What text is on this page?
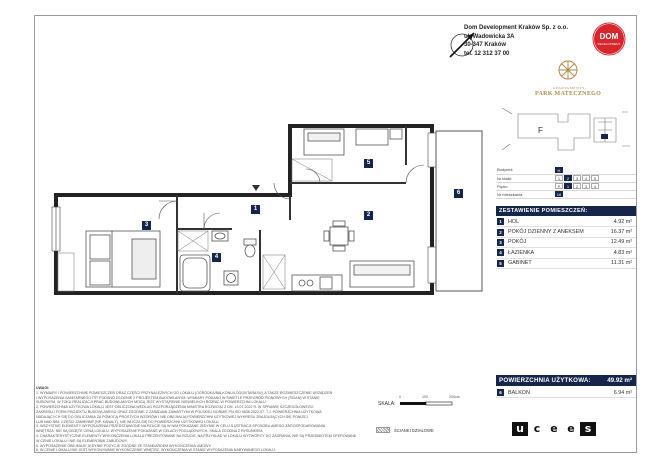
1
2
3
4
5
6
Dom Development Kraków Sp. z o.o.
ul. Wadowicka 3A
30-347 Kraków
tel. 12 312 37 00
DOM
DEVELOPMENT
APARTAMENTY
PARK MATECZNEGO
F
Budynek	H

Nr klatki	1 2 3 4 5

Piętro	P 1 2 3 4

Nr mieszkania	16
ZESTAWIENIE POMIESZCZEŃ:
1	HOL	4.92 m²
2	POKÓJ DZIENNY Z ANEKSEM	16.37 m²
3	POKÓJ	12.49 m²
4	ŁAZIENKA	4.83 m²
5	GABINET	11.31 m²
POWIERZCHNIA UŻYTKOWA:	49.92 m²
6	BALKON	6.94 m²
UWAGI:
1. WYMIARY I POWIERZCHNIE POMIESZCZEŃ ORAZ CZĘŚCI PRZYNALEŻNYCH DO LOKALU (OGRÓDKA/BALKONU/LOGGII/TARASU), A TAKŻE ROZMIESZCZENIE URZĄDZEŃ
I WYPOSAŻENIA SANITARNEGO ITP. PODANO ZGODNIE Z PROJEKTEM BUDOWLANYM. WYMIARY PODANO W ŚWIETLE PRZEGRÓD PIONOWYCH (ŚCIAN) W STANIE
SUROWYM, W TOKU REALIZACJI PRAC BUDOWLANYCH MOGĄ JEST WYSTĄPIENIE NIEWIELKICH RÓŻNIC W POWIERZCHNI LOKALU.
2. POWIERZCHNIA UŻYTKOWA LOKALU JEST OBLICZONA WEDŁUG ROZPORZĄDZENIA MINISTRA ROZWOJU Z DN. 13.07.2022 R. W SPRAWIE SZCZEGÓŁOWEGO
ZAKRESU I FORM PROJEKTU BUDOWLANEGO ORAZ ZGODNIE Z ZASADAMI ZAWARTYMI W POLSKIEJ NORMIE PN-ISO 9836:2022-07. T.J. POWIERZCHNIA UŻYTKOWA
NADAJĄCYCH SIĘ DO OBLICZANIA ZA POMOCĄ PROSTYCH WZORÓW I NIE OBEJMUJĄ POWIERZCHNI UŻYTKOWEJ WYKRESU ZNAJDUJĄCYCH SIĘ PONIŻEJ
LUB NAD NIM. CZĘŚCI ZAMIENNE (NP. KANAŁY), NIE WLICZA SIĘ DO POWIERZCHNI UŻYTKOWEJ LOKALU.
3. WSZYSTKIE ELEMENTY WYPOSAŻENIA PRZEDSTAWIONE NA RZUCIE SĄ W NIM POKAZANE JEDYNIE W CELU ILUSTRACJI SPOSOBU AMEGO ZAGOSPODAROWANIA
WNĘTRZA, NIE SĄ OBJĘTE CENĄ LOKALU. WYPOSAŻENIE POKAZANE W CELACH POGLĄDOWYCH, SKALA ZGODNA Z RYSUNKIEM.
4. CHARAKTERYSTYCZNE ELEMENTY WYKOŃCZENIA LOKALU PREZENTOWANE NA RZUCIE, NA PRZYKŁAD W LOKALU WYTWÓRCY DO ZAGRANIA, NIE SĄ PRZEDMIOTEM OFEROWANE
W CENIE LOKALU I NIE SĄ ELEMENTAMI ZABUDOWY.
5. WYPOSAŻENIE OBEJMUJE JEDYNIE POZYCJE ZGODNE ZE STANDARDEM WYKOŃCZENIA UMOWY.
6. W CENIE LOKALU NIE JEST WYKONYWANE WYKOŃCZENIE WNĘTRZ. WYKOŃCZENIA W STANIE WYPOSAŻENIA NABYWANEGO LOKALU.
SKALA:
0	100	200cm
ŚCIANKI DZIAŁOWE	u c e e s
